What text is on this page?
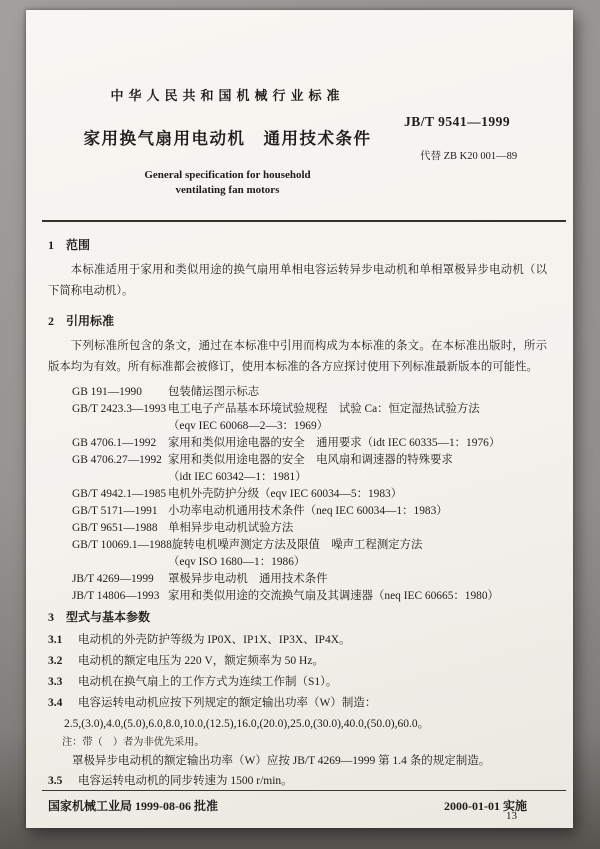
中华人民共和国机械行业标准
家用换气扇用电动机　通用技术条件
General specification for household
ventilating fan motors
JB/T 9541—1999
代替 ZB K20 001—89
1　范围
本标准适用于家用和类似用途的换气扇用单相电容运转异步电动机和单相罩极异步电动机（以下简称电动机）。
2　引用标准
下列标准所包含的条文，通过在本标准中引用而构成为本标准的条文。在本标准出版时，所示版本均为有效。所有标准都会被修订，使用本标准的各方应探讨使用下列标准最新版本的可能性。
GB 191—1990	包装储运图示标志
GB/T 2423.3—1993 电工电子产品基本环境试验规程　试验 Ca：恒定湿热试验方法
（eqv IEC 60068—2—3：1969）
GB 4706.1—1992	家用和类似用途电器的安全　通用要求（idt IEC 60335—1：1976）
GB 4706.27—1992 家用和类似用途电器的安全　电风扇和调速器的特殊要求
（idt IEC 60342—1：1981）
GB/T 4942.1—1985 电机外壳防护分级（eqv IEC 60034—5：1983）
GB/T 5171—1991 小功率电动机通用技术条件（neq IEC 60034—1：1983）
GB/T 9651—1988 单相异步电动机试验方法
GB/T 10069.1—1988 旋转电机噪声测定方法及限值　噪声工程测定方法
（eqv ISO 1680—1：1986）
JB/T 4269—1999	罩极异步电动机　通用技术条件
JB/T 14806—1993 家用和类似用途的交流换气扇及其调速器（neq IEC 60665：1980）
3　型式与基本参数
3.1	电动机的外壳防护等级为 IP0X、IP1X、IP3X、IP4X。
3.2	电动机的额定电压为 220 V，额定频率为 50 Hz。
3.3	电动机在换气扇上的工作方式为连续工作制（S1）。
3.4	电容运转电动机应按下列规定的额定输出功率（W）制造：
2.5,(3.0),4.0,(5.0),6.0,8.0,10.0,(12.5),16.0,(20.0),25.0,(30.0),40.0,(50.0),60.0。
注：带（　）者为非优先采用。
罩极异步电动机的额定输出功率（W）应按 JB/T 4269—1999 第 1.4 条的规定制造。
3.5	电容运转电动机的同步转速为 1500 r/min。
国家机械工业局 1999-08-06 批准	2000-01-01 实施
13
